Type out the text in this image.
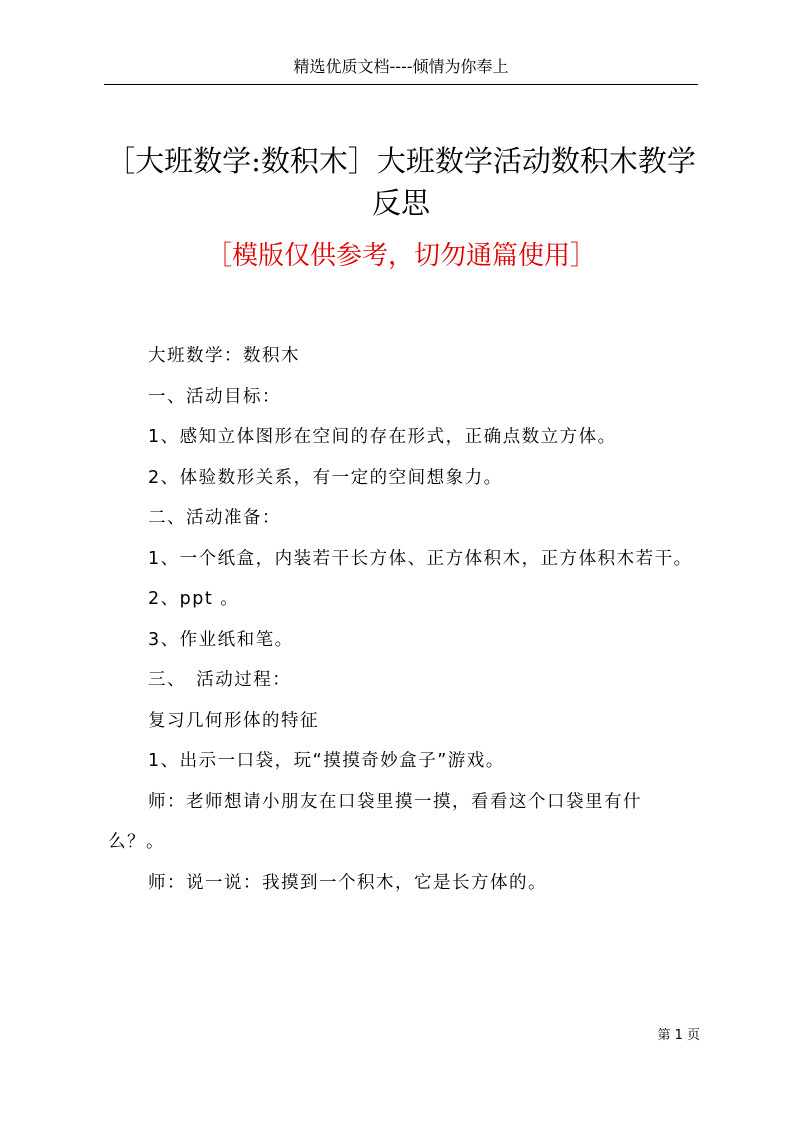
精选优质文档----倾情为你奉上
［大班数学:数积木］大班数学活动数积木教学反思
［模版仅供参考，切勿通篇使用］

大班数学：数积木

一、活动目标：

1、感知立体图形在空间的存在形式，正确点数立方体。

2、体验数形关系，有一定的空间想象力。

二、活动准备：

1、一个纸盒，内装若干长方体、正方体积木，正方体积木若干。

2、ppt 。

3、作业纸和笔。

三、　活动过程：

复习几何形体的特征

1、出示一口袋，玩“摸摸奇妙盒子”游戏。

师：老师想请小朋友在口袋里摸一摸，看看这个口袋里有什么？。

师：说一说：我摸到一个积木，它是长方体的。

第 1 页
